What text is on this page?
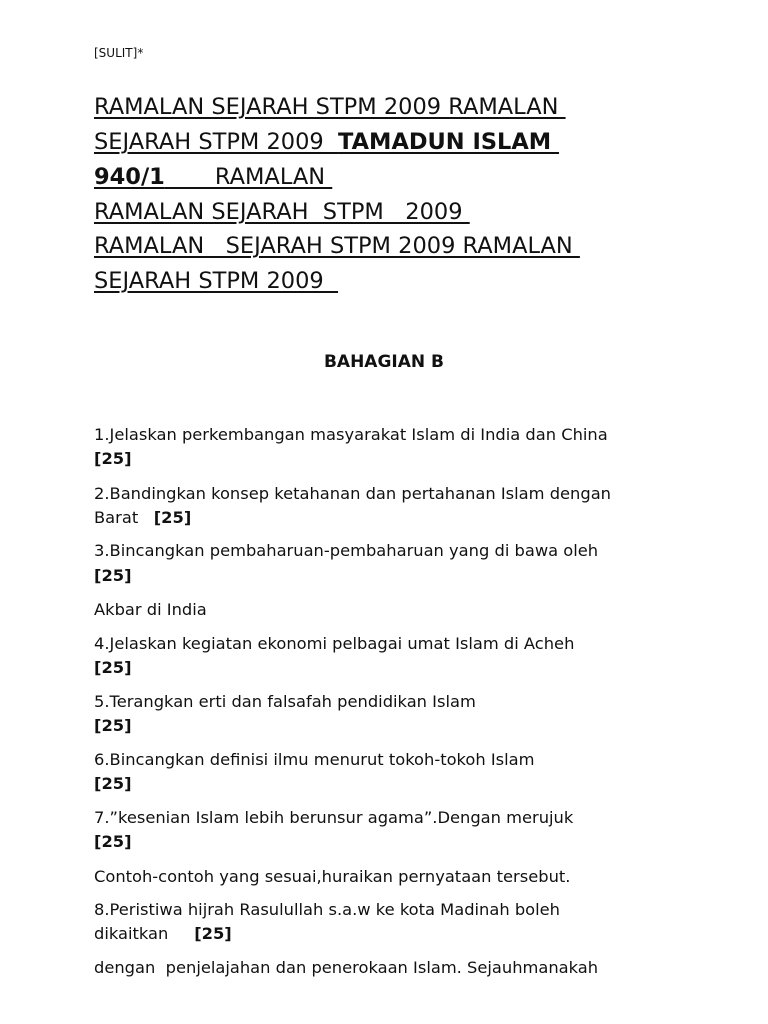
[SULIT]*
RAMALAN SEJARAH STPM 2009 RAMALAN
SEJARAH STPM 2009  TAMADUN ISLAM
940/1       RAMALAN
RAMALAN SEJARAH  STPM   2009
RAMALAN   SEJARAH STPM 2009 RAMALAN
SEJARAH STPM 2009
BAHAGIAN B
1.Jelaskan perkembangan masyarakat Islam di India dan China
[25]
2.Bandingkan konsep ketahanan dan pertahanan Islam dengan
Barat   [25]
3.Bincangkan pembaharuan-pembaharuan yang di bawa oleh
[25]
Akbar di India
4.Jelaskan kegiatan ekonomi pelbagai umat Islam di Acheh
[25]
5.Terangkan erti dan falsafah pendidikan Islam
[25]
6.Bincangkan definisi ilmu menurut tokoh-tokoh Islam
[25]
7.”kesenian Islam lebih berunsur agama”.Dengan merujuk
[25]
Contoh-contoh yang sesuai,huraikan pernyataan tersebut.
8.Peristiwa hijrah Rasulullah s.a.w ke kota Madinah boleh
dikaitkan     [25]
dengan  penjelajahan dan penerokaan Islam. Sejauhmanakah
